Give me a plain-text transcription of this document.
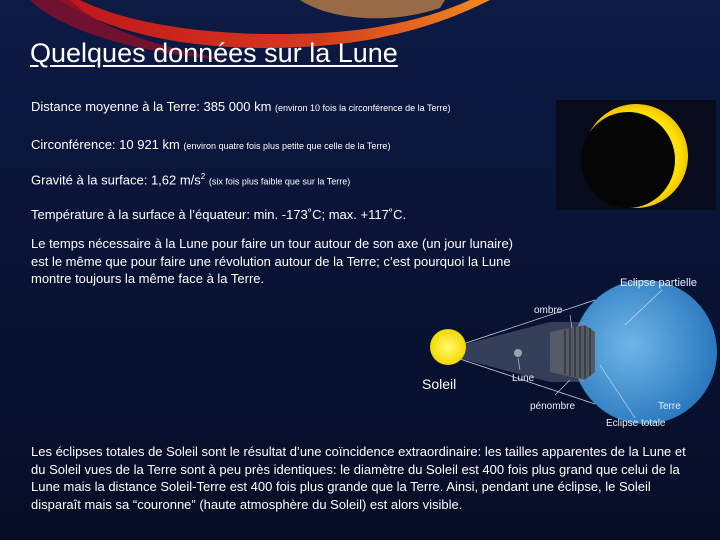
Quelques données sur la Lune
Distance moyenne à la Terre: 385 000 km (environ 10 fois la circonférence de la Terre)
Circonférence: 10 921 km (environ quatre fois plus petite que celle de la Terre)
Gravité à la surface: 1,62 $m/s^2$ (six fois plus faible que sur la Terre)
Température à la surface à l’équateur: min. -173˚C; max. +117˚C.
Le temps nécessaire à la Lune pour faire un tour autour de son axe (un jour lunaire) est le même que pour faire une révolution autour de la Terre; c’est pourquoi la Lune montre toujours la même face à la Terre.	Eclipse partielle
ombre
Soleil	Lune
pénombre	Terre
Eclipse totale
Les éclipses totales de Soleil sont le résultat d’une coïncidence extraordinaire: les tailles apparentes de la Lune et du Soleil vues de la Terre sont à peu près identiques: le diamètre du Soleil est 400 fois plus grand que celui de la Lune mais la distance Soleil-Terre est 400 fois plus grande que la Terre. Ainsi, pendant une éclipse, le Soleil disparaît mais sa “couronne” (haute atmosphère du Soleil) est alors visible.
